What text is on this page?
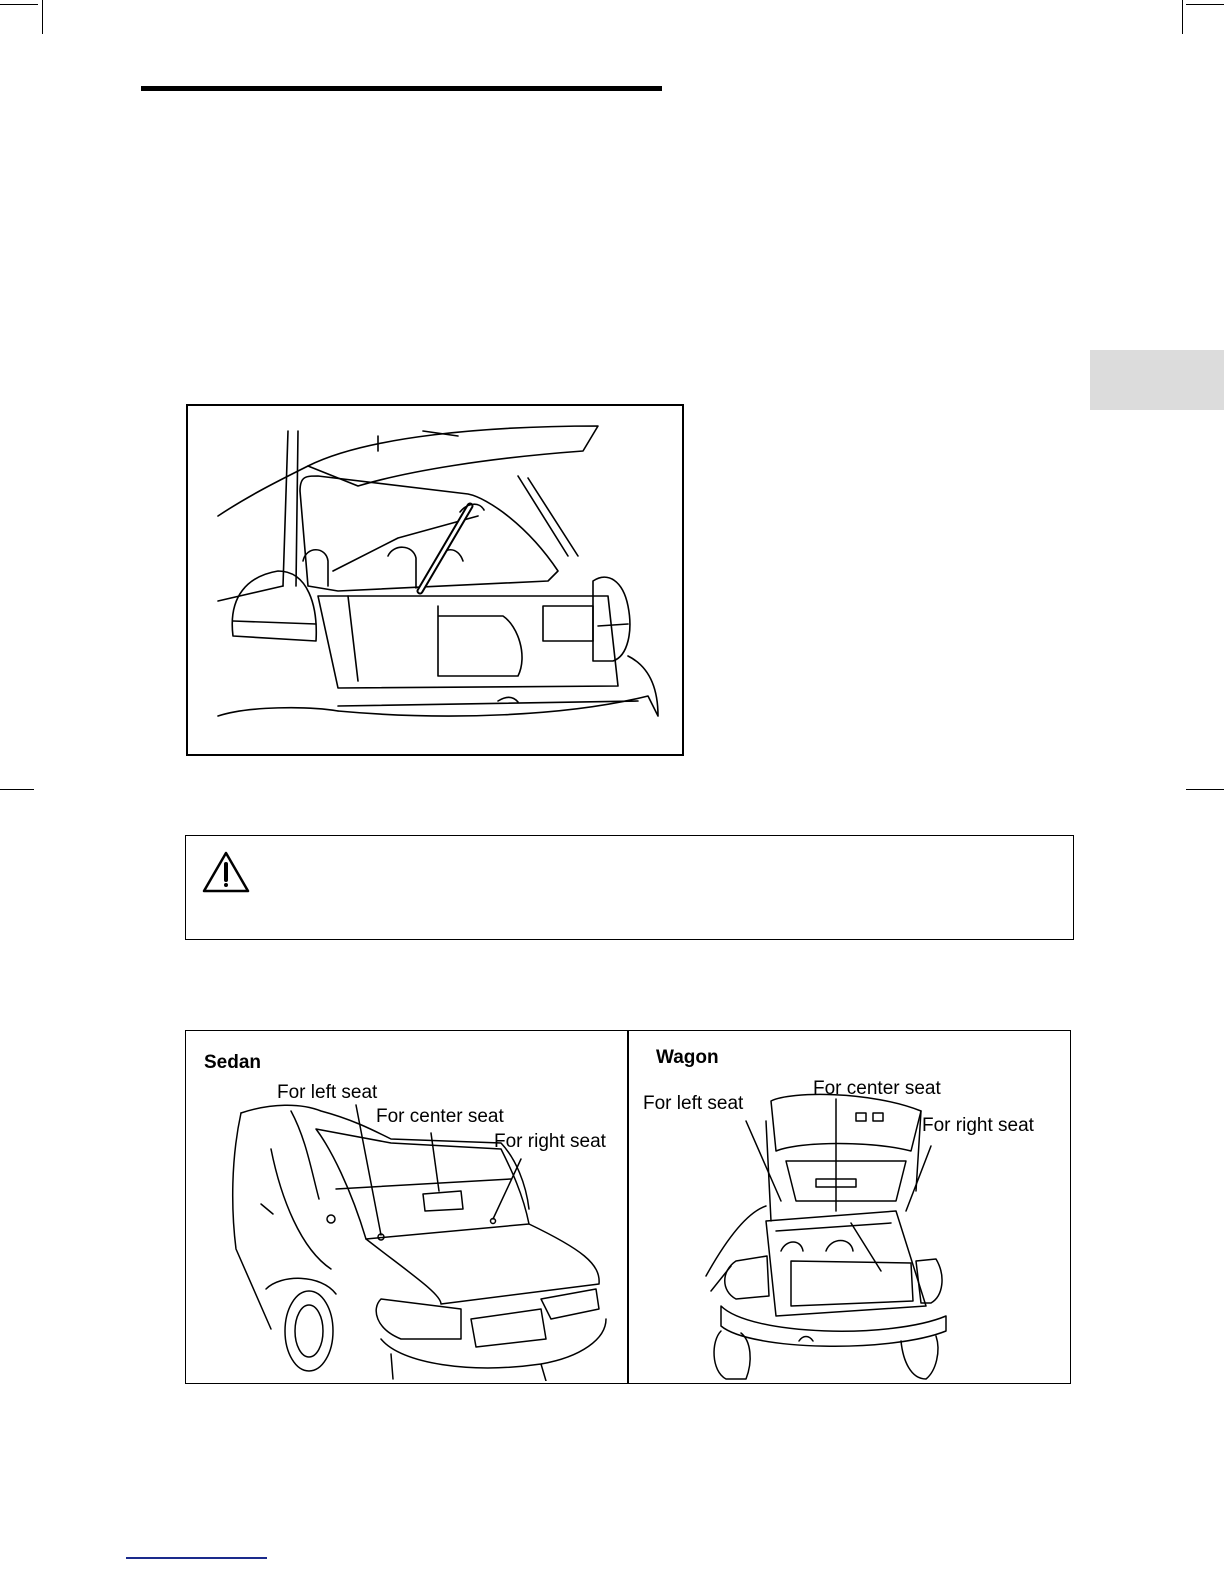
Sedan
For left seat
For center seat
For right seat
Wagon
For left seat
For center seat
For right seat
